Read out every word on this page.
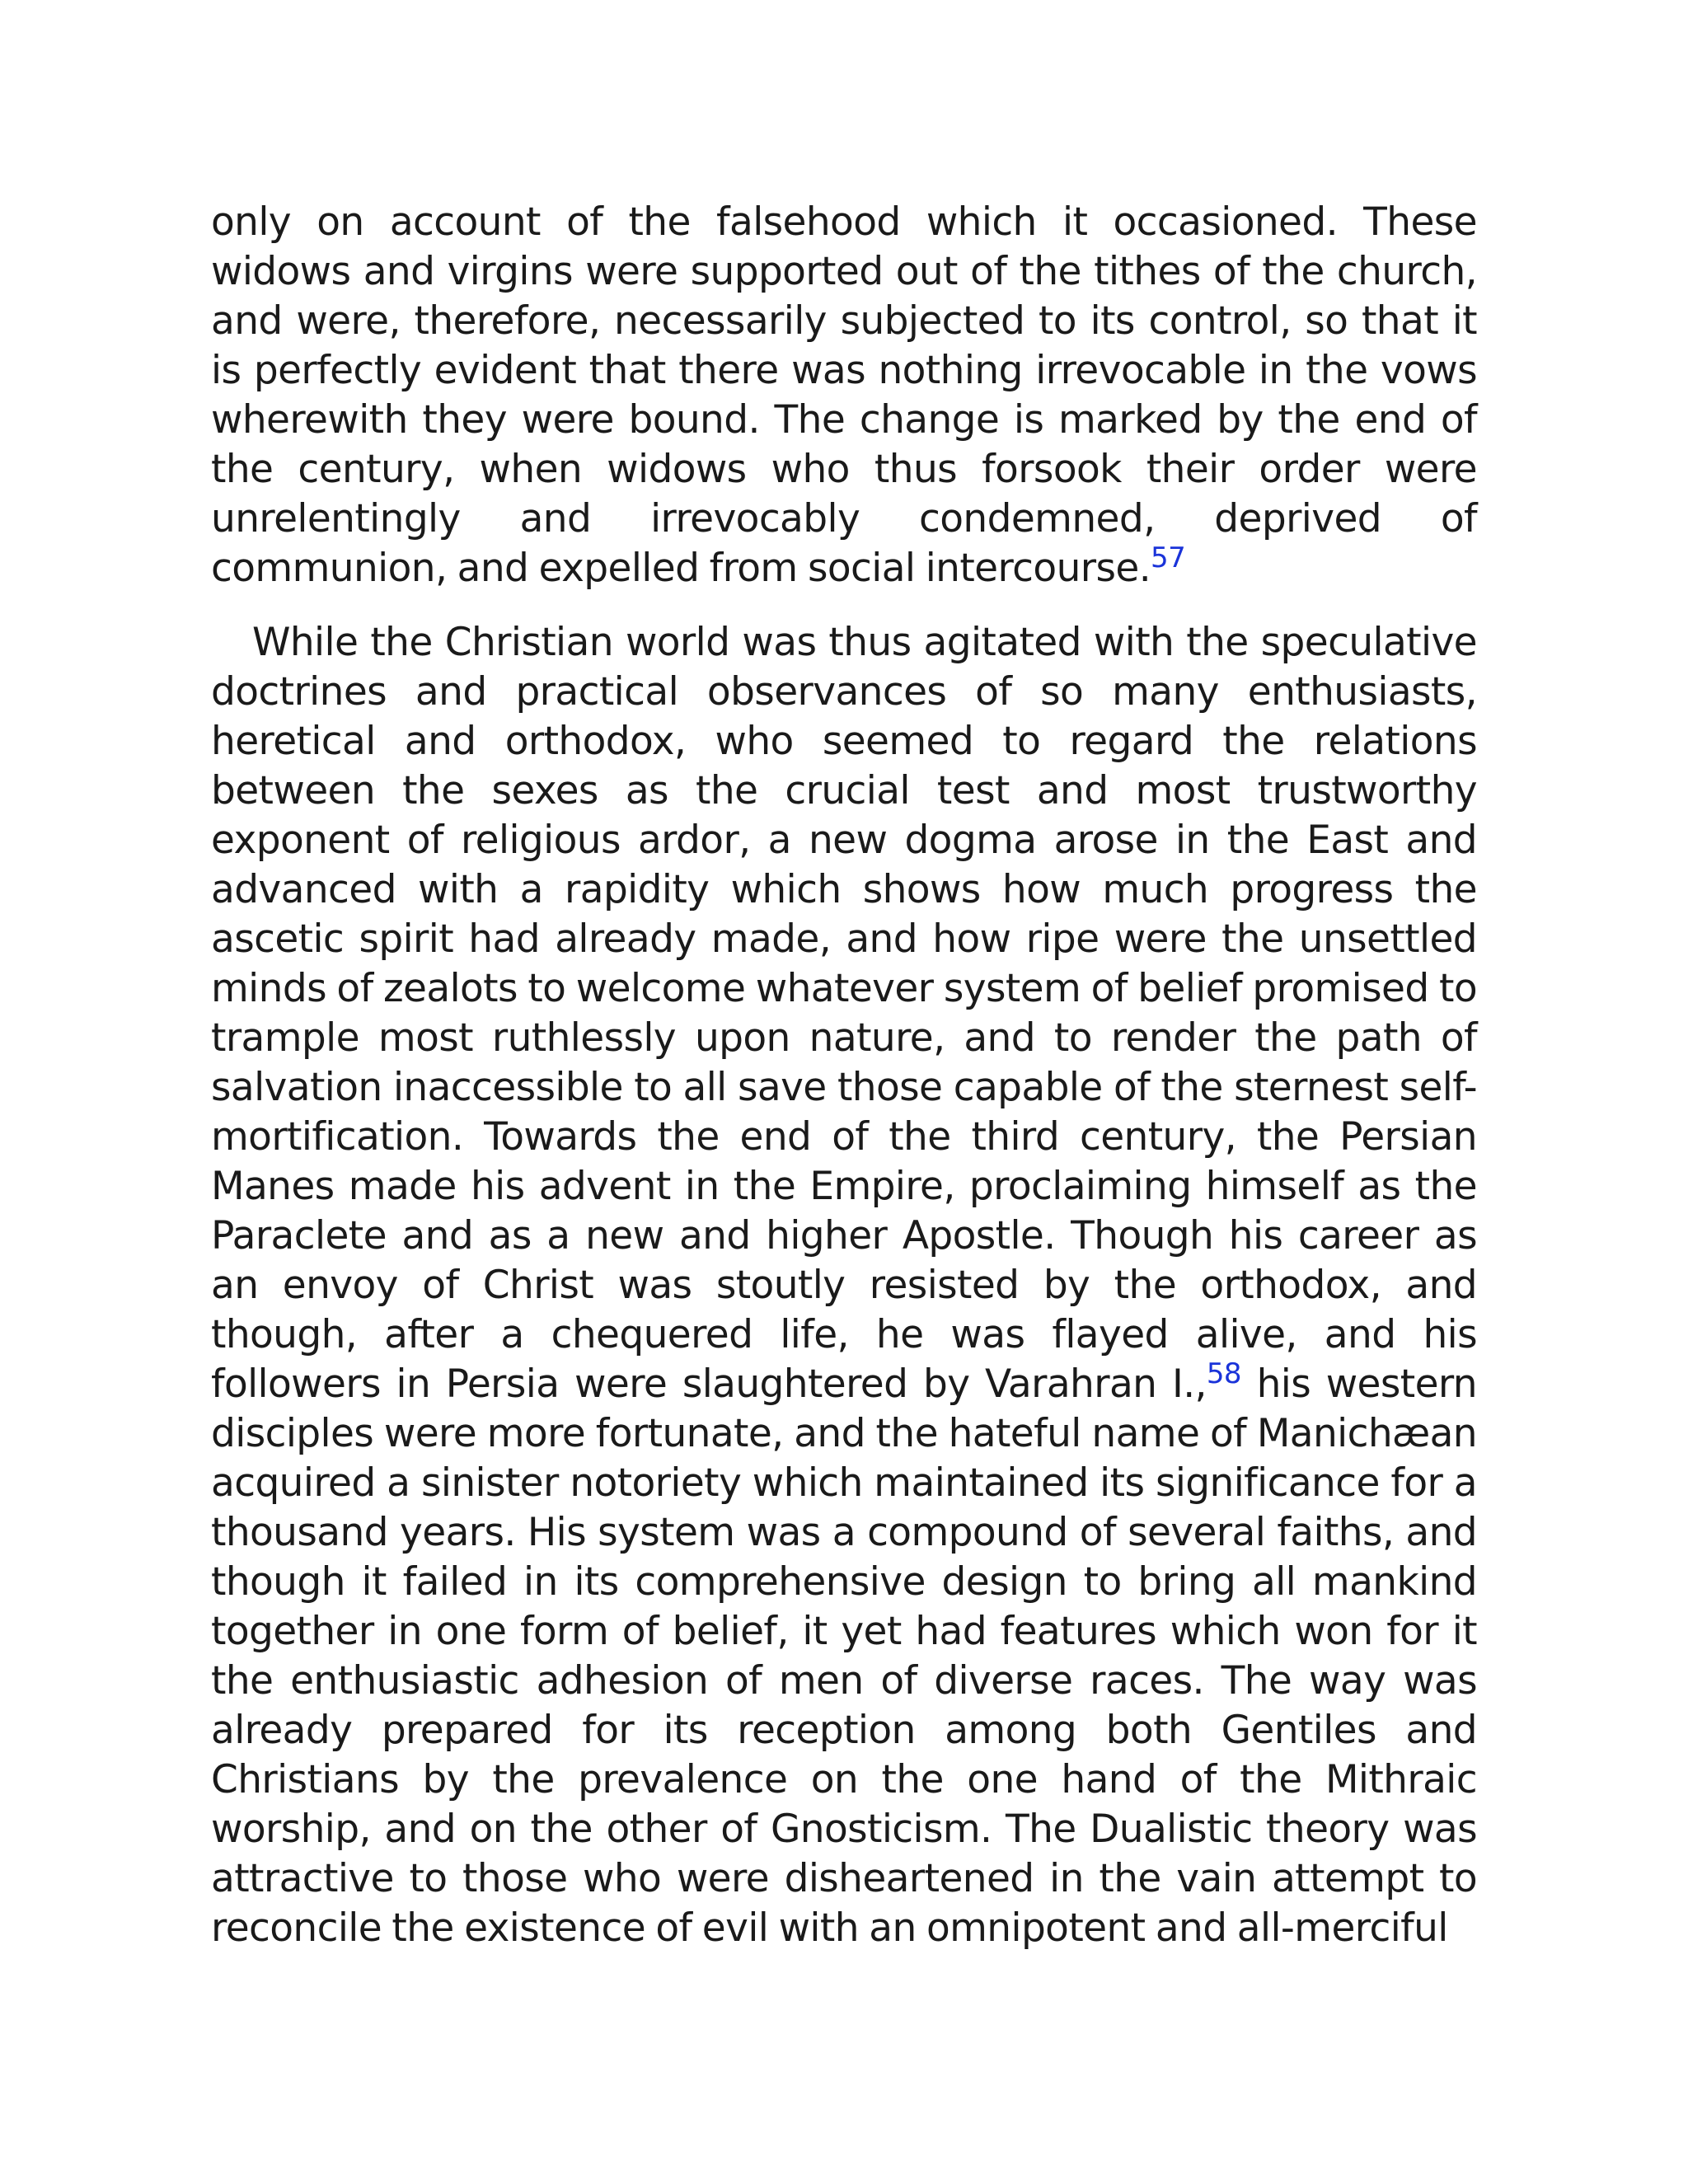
only on account of the falsehood which it occasioned. These widows and virgins were supported out of the tithes of the church, and were, therefore, necessarily subjected to its control, so that it is perfectly evident that there was nothing irrevocable in the vows wherewith they were bound. The change is marked by the end of the century, when widows who thus forsook their order were unrelentingly and irrevocably condemned, deprived of communion, and expelled from social intercourse.$^{57}$

While the Christian world was thus agitated with the speculative doctrines and practical observances of so many enthusiasts, heretical and orthodox, who seemed to regard the relations between the sexes as the crucial test and most trustworthy exponent of religious ardor, a new dogma arose in the East and advanced with a rapidity which shows how much progress the ascetic spirit had already made, and how ripe were the unsettled minds of zealots to welcome whatever system of belief promised to trample most ruthlessly upon nature, and to render the path of salvation inaccessible to all save those capable of the sternest self-mortification. Towards the end of the third century, the Persian Manes made his advent in the Empire, proclaiming himself as the Paraclete and as a new and higher Apostle. Though his career as an envoy of Christ was stoutly resisted by the orthodox, and though, after a chequered life, he was flayed alive, and his followers in Persia were slaughtered by Varahran I.,$^{58}$ his western disciples were more fortunate, and the hateful name of Manichæan acquired a sinister notoriety which maintained its significance for a thousand years. His system was a compound of several faiths, and though it failed in its comprehensive design to bring all mankind together in one form of belief, it yet had features which won for it the enthusiastic adhesion of men of diverse races. The way was already prepared for its reception among both Gentiles and Christians by the prevalence on the one hand of the Mithraic worship, and on the other of Gnosticism. The Dualistic theory was attractive to those who were disheartened in the vain attempt to reconcile the existence of evil with an omnipotent and all-merciful
